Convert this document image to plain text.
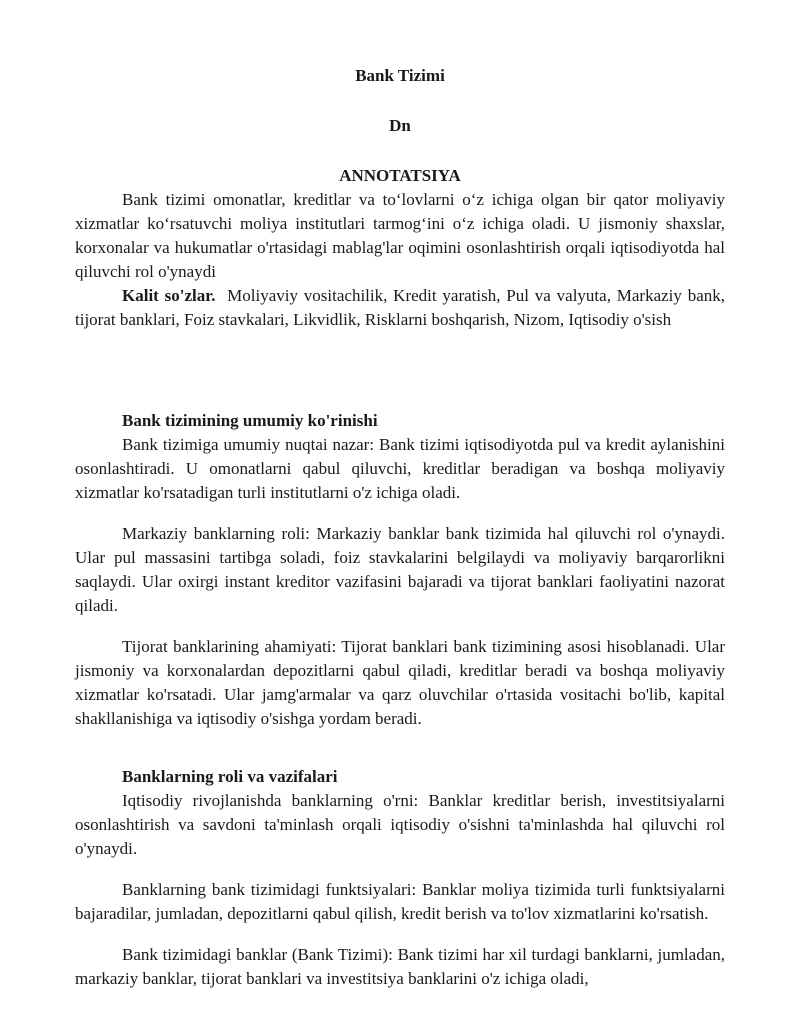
Bank Tizimi

Dn

ANNOTATSIYA

Bank tizimi omonatlar, kreditlar va to‘lovlarni o‘z ichiga olgan bir qator moliyaviy xizmatlar ko‘rsatuvchi moliya institutlari tarmog‘ini o‘z ichiga oladi. U jismoniy shaxslar, korxonalar va hukumatlar o'rtasidagi mablag'lar oqimini osonlashtirish orqali iqtisodiyotda hal qiluvchi rol o'ynaydi

Kalit so'zlar. Moliyaviy vositachilik, Kredit yaratish, Pul va valyuta, Markaziy bank, tijorat banklari, Foiz stavkalari, Likvidlik, Risklarni boshqarish, Nizom, Iqtisodiy o'sish

Bank tizimining umumiy ko'rinishi

Bank tizimiga umumiy nuqtai nazar: Bank tizimi iqtisodiyotda pul va kredit aylanishini osonlashtiradi. U omonatlarni qabul qiluvchi, kreditlar beradigan va boshqa moliyaviy xizmatlar ko'rsatadigan turli institutlarni o'z ichiga oladi.

Markaziy banklarning roli: Markaziy banklar bank tizimida hal qiluvchi rol o'ynaydi. Ular pul massasini tartibga soladi, foiz stavkalarini belgilaydi va moliyaviy barqarorlikni saqlaydi. Ular oxirgi instant kreditor vazifasini bajaradi va tijorat banklari faoliyatini nazorat qiladi.

Tijorat banklarining ahamiyati: Tijorat banklari bank tizimining asosi hisoblanadi. Ular jismoniy va korxonalardan depozitlarni qabul qiladi, kreditlar beradi va boshqa moliyaviy xizmatlar ko'rsatadi. Ular jamg'armalar va qarz oluvchilar o'rtasida vositachi bo'lib, kapital shakllanishiga va iqtisodiy o'sishga yordam beradi.

Banklarning roli va vazifalari

Iqtisodiy rivojlanishda banklarning o'rni: Banklar kreditlar berish, investitsiyalarni osonlashtirish va savdoni ta'minlash orqali iqtisodiy o'sishni ta'minlashda hal qiluvchi rol o'ynaydi.

Banklarning bank tizimidagi funktsiyalari: Banklar moliya tizimida turli funktsiyalarni bajaradilar, jumladan, depozitlarni qabul qilish, kredit berish va to'lov xizmatlarini ko'rsatish.

Bank tizimidagi banklar (Bank Tizimi): Bank tizimi har xil turdagi banklarni, jumladan, markaziy banklar, tijorat banklari va investitsiya banklarini o'z ichiga oladi,
